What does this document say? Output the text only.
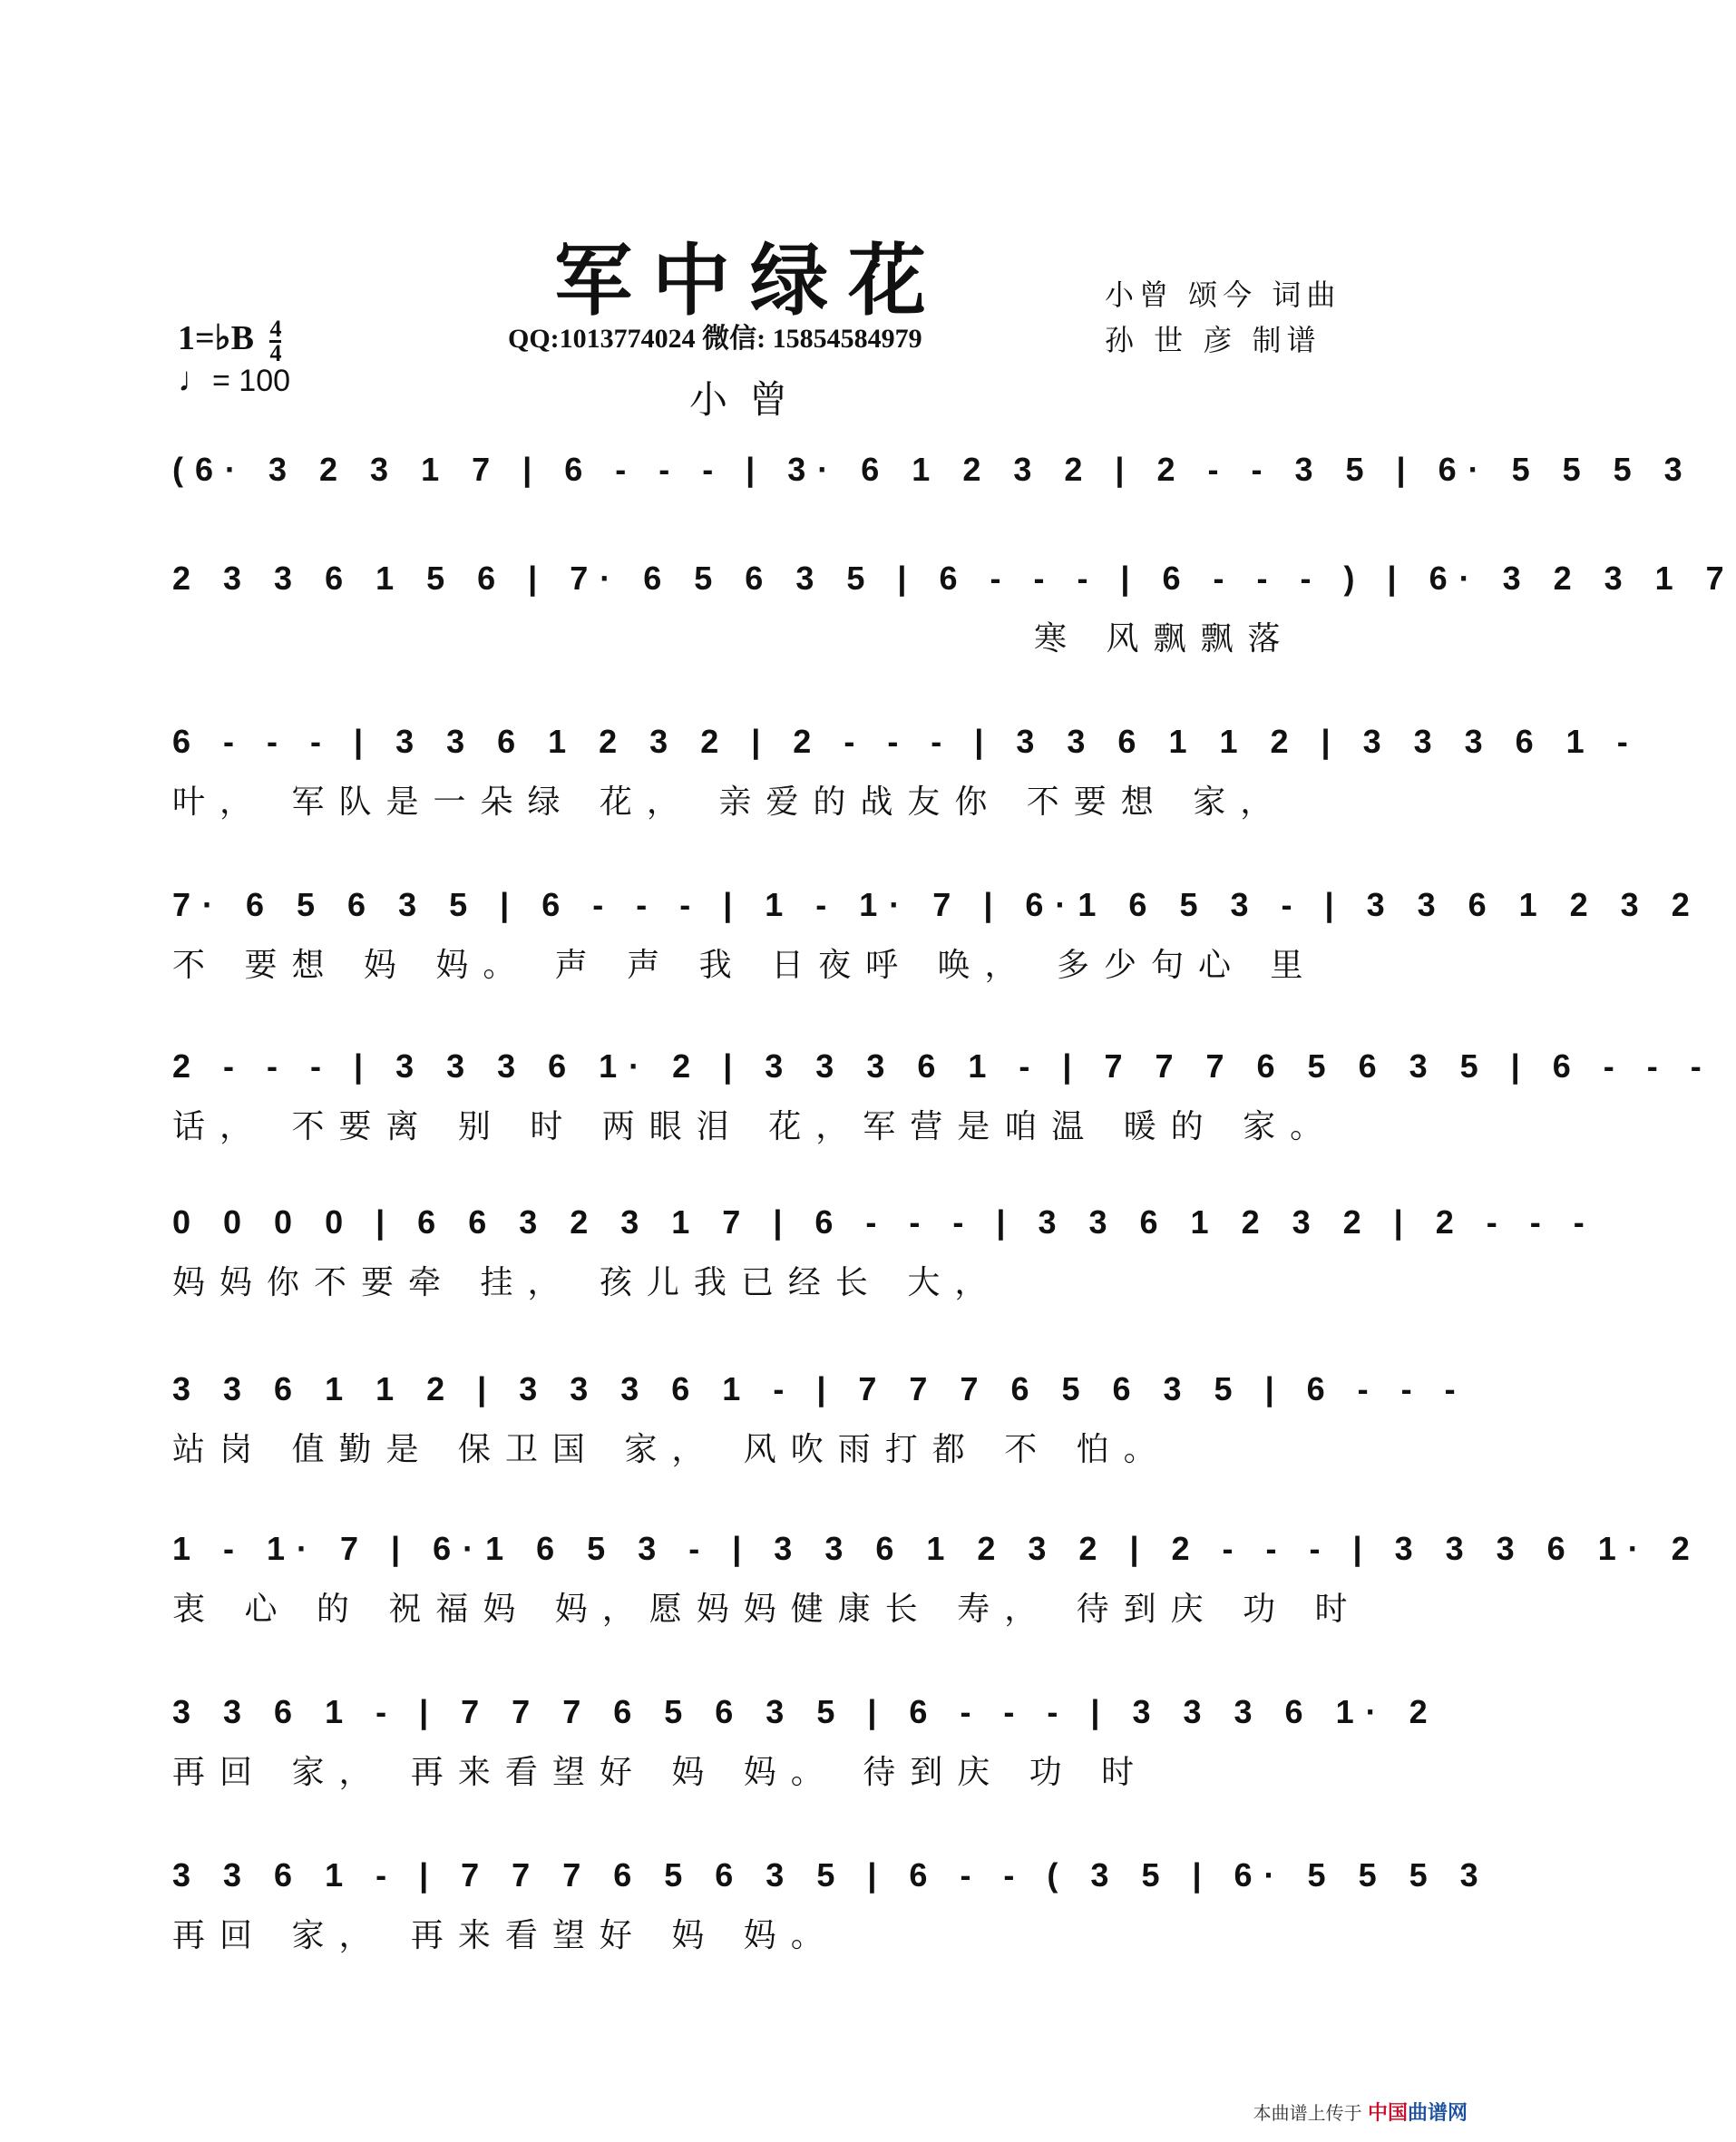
军中绿花	小曾 颂今 词曲
孙 世 彦 制谱
QQ:1013774024 微信: 15854584979
小曾
1=♭B $\frac{4}{4}$
♩= 100
(6· 3 2 3 1 7 | 6 - - - | 3· 6 1 2 3 2 | 2 - - 3 5 | 6· 5 5 5 3
2 3 3 6 1 5 6 | 7· 6 5 6 3 5 | 6 - - - | 6 - - - ) | 6· 3 2 3 1 7
寒 风飘飘落
6 - - - | 3 3 6 1 2 3 2 | 2 - - - | 3 3 6 1 1 2 | 3 3 3 6 1 -
叶， 军队是一朵绿 花， 亲爱的战友你 不要想 家，
7· 6 5 6 3 5 | 6 - - - | 1 - 1· 7 | 6·1 6 5 3 - | 3 3 6 1 2 3 2
不 要想 妈 妈。 声 声 我 日夜呼 唤， 多少句心 里
2 - - - | 3 3 3 6 1· 2 | 3 3 3 6 1 - | 7 7 7 6 5 6 3 5 | 6 - - -
话， 不要离 别 时 两眼泪 花，军营是咱温 暖的 家。
0 0 0 0 | 6 6 3 2 3 1 7 | 6 - - - | 3 3 6 1 2 3 2 | 2 - - -
妈妈你不要牵 挂， 孩儿我已经长 大，
3 3 6 1 1 2 | 3 3 3 6 1 - | 7 7 7 6 5 6 3 5 | 6 - - -
站岗 值勤是 保卫国 家， 风吹雨打都 不 怕。
1 - 1· 7 | 6·1 6 5 3 - | 3 3 6 1 2 3 2 | 2 - - - | 3 3 3 6 1· 2
衷 心 的 祝福妈 妈，愿妈妈健康长 寿， 待到庆 功 时
3 3 6 1 - | 7 7 7 6 5 6 3 5 | 6 - - - | 3 3 3 6 1· 2
再回 家， 再来看望好 妈 妈。 待到庆 功 时
3 3 6 1 - | 7 7 7 6 5 6 3 5 | 6 - - ( 3 5 | 6· 5 5 5 3
再回 家， 再来看望好 妈 妈。
本曲谱上传于 中国曲谱网
